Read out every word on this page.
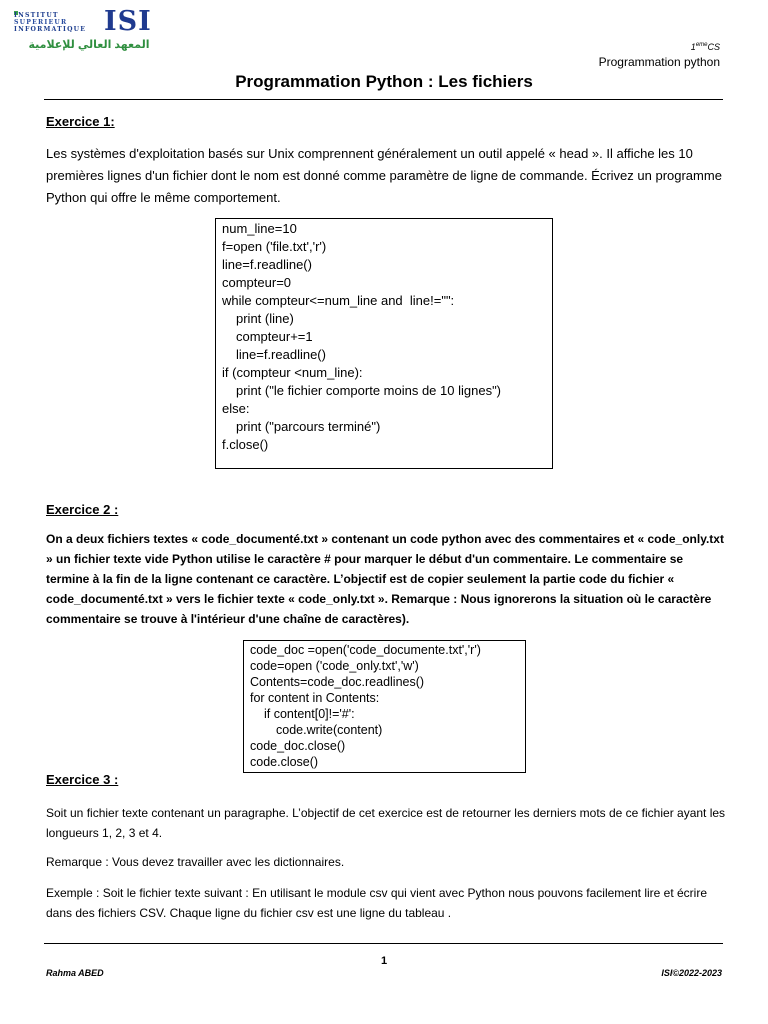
INSTITUT
SUPERIEUR
INFORMATIQUE ISI
المعهد العالي للإعلامية	1emeCS
Programmation python
Programmation Python : Les fichiers
Exercice 1:
Les systèmes d'exploitation basés sur Unix comprennent généralement un outil appelé « head ». Il affiche les 10 premières lignes d'un fichier dont le nom est donné comme paramètre de ligne de commande. Écrivez un programme Python qui offre le même comportement.
num_line=10
f=open ('file.txt','r')
line=f.readline()
compteur=0
while compteur<=num_line and  line!="":
print (line)
compteur+=1
line=f.readline()
if (compteur <num_line):
print ("le fichier comporte moins de 10 lignes")
else:
print ("parcours terminé")
f.close()
Exercice 2 :
On a deux fichiers textes « code_documenté.txt » contenant un code python avec des commentaires et « code_only.txt » un fichier texte vide Python utilise le caractère # pour marquer le début d'un commentaire. Le commentaire se termine à la fin de la ligne contenant ce caractère. L’objectif est de copier seulement la partie code du fichier « code_documenté.txt » vers le fichier texte « code_only.txt ». Remarque : Nous ignorerons la situation où le caractère commentaire se trouve à l'intérieur d'une chaîne de caractères).
code_doc =open('code_documente.txt','r')
code=open ('code_only.txt','w')
Contents=code_doc.readlines()
for content in Contents:
if content[0]!='#':
code.write(content)
code_doc.close()
code.close()
Exercice 3 :
Soit un fichier texte contenant un paragraphe. L’objectif de cet exercice est de retourner les derniers mots de ce fichier ayant les longueurs 1, 2, 3 et 4.
Remarque : Vous devez travailler avec les dictionnaires.
Exemple : Soit le fichier texte suivant : En utilisant le module csv qui vient avec Python nous pouvons facilement lire et écrire dans des fichiers CSV. Chaque ligne du fichier csv est une ligne du tableau .
1
Rahma ABED	ISI©2022-2023
